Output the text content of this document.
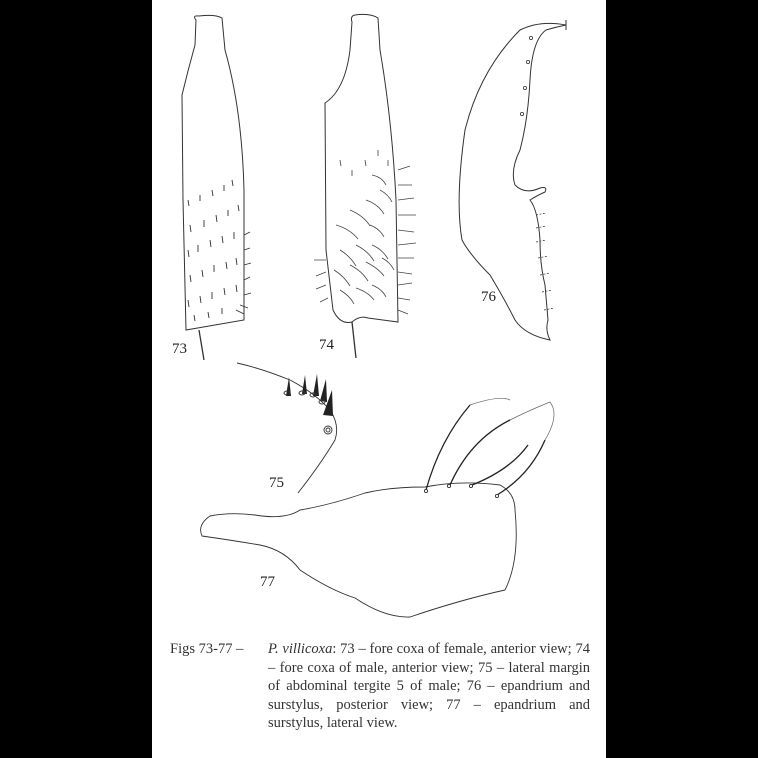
73	74
75
76
77
Figs 73-77 – P. villicoxa: 73 – fore coxa of female, anterior view; 74 – fore coxa of male, anterior view; 75 – lateral margin of abdominal tergite 5 of male; 76 – epandrium and surstylus, posterior view; 77 – epandrium and surstylus, lateral view.
